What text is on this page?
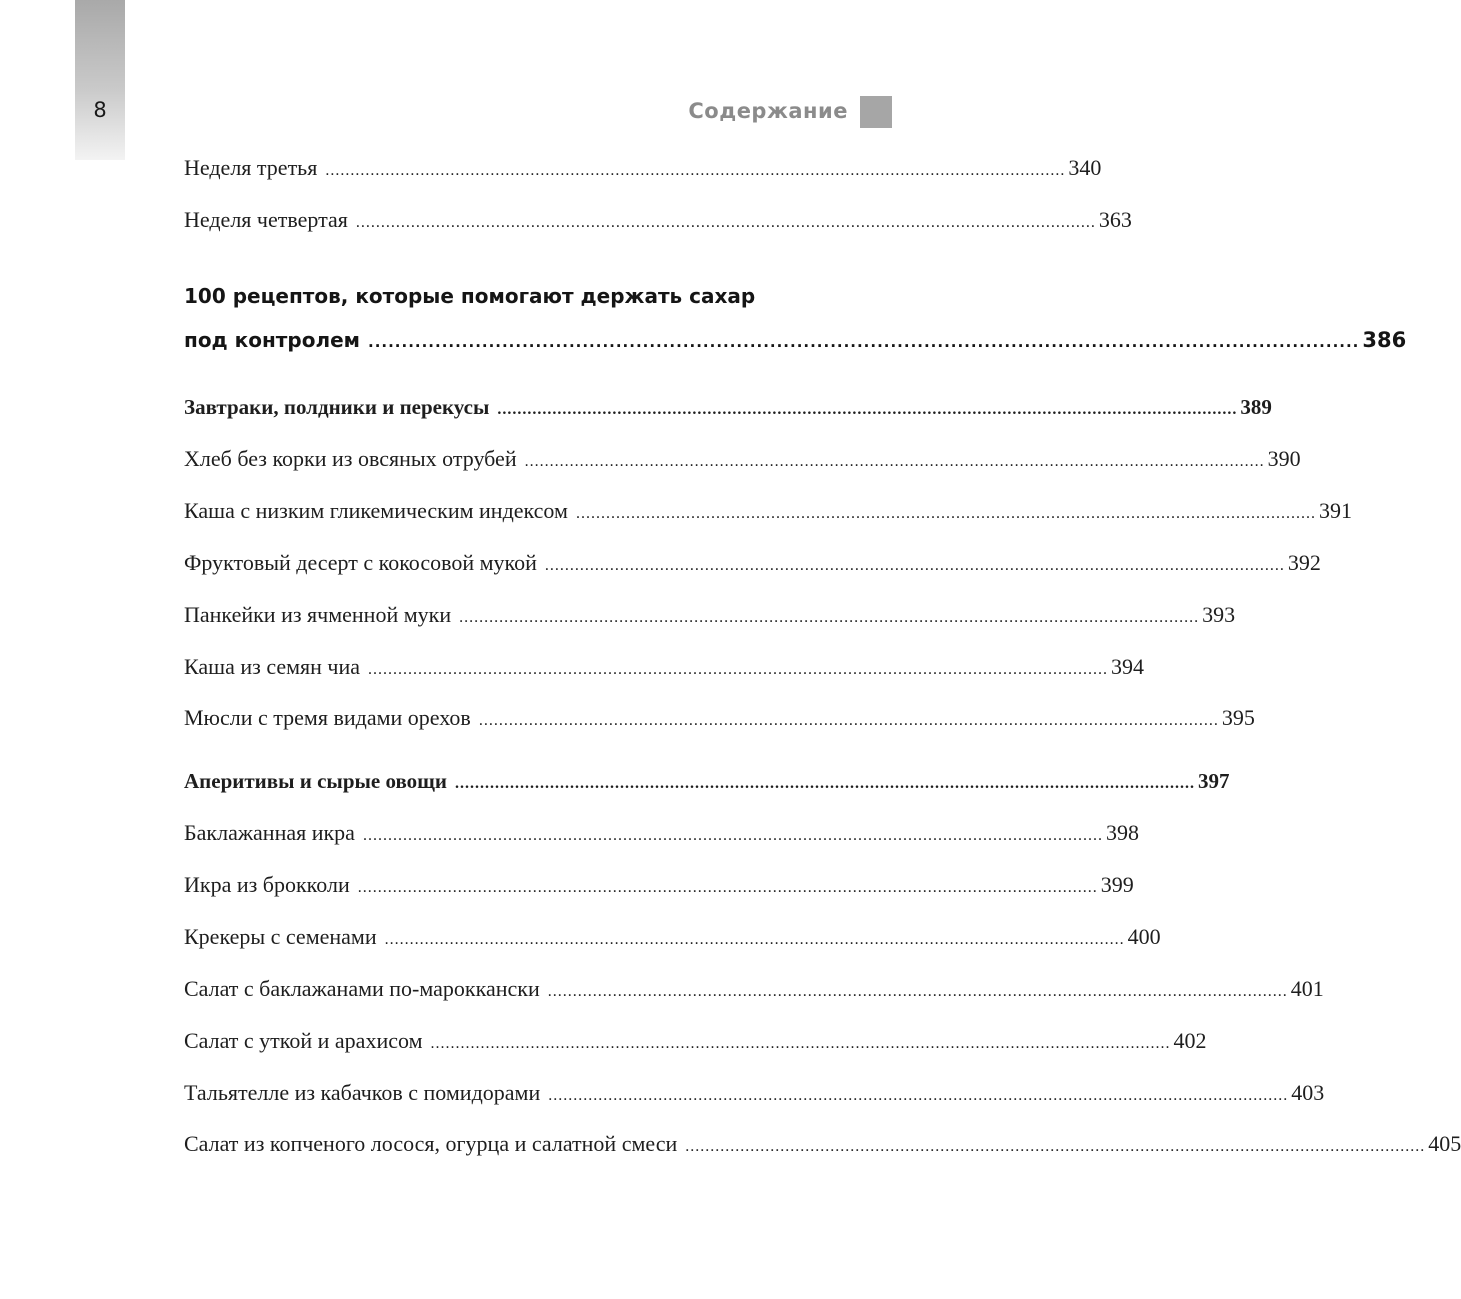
8	Содержание
Неделя третья .................................................................................................................................................... 340
Неделя четвертая .................................................................................................................................................... 363
100 рецептов, которые помогают держать сахар
под контролем .................................................................................................................................................... 386
Завтраки, полдники и перекусы .................................................................................................................................................... 389
Хлеб без корки из овсяных отрубей .................................................................................................................................................... 390
Каша с низким гликемическим индексом .................................................................................................................................................... 391
Фруктовый десерт с кокосовой мукой .................................................................................................................................................... 392
Панкейки из ячменной муки .................................................................................................................................................... 393
Каша из семян чиа .................................................................................................................................................... 394
Мюсли с тремя видами орехов .................................................................................................................................................... 395
Аперитивы и сырые овощи .................................................................................................................................................... 397
Баклажанная икра .................................................................................................................................................... 398
Икра из брокколи .................................................................................................................................................... 399
Крекеры с семенами .................................................................................................................................................... 400
Салат с баклажанами по-мароккански .................................................................................................................................................... 401
Салат с уткой и арахисом .................................................................................................................................................... 402
Тальятелле из кабачков с помидорами .................................................................................................................................................... 403
Салат из копченого лосося, огурца и салатной смеси .................................................................................................................................................... 405
